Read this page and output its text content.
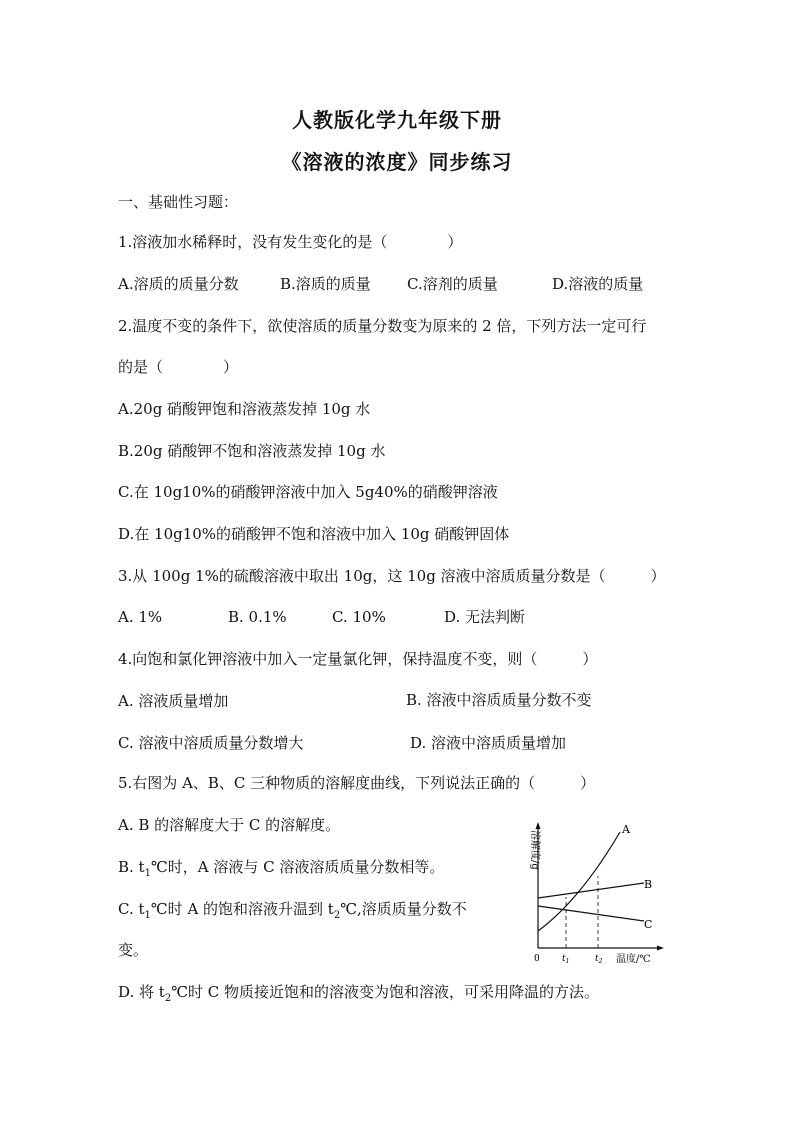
人教版化学九年级下册
《溶液的浓度》同步练习
一、基础性习题：
1.溶液加水稀释时，没有发生变化的是（　　　　）
A.溶质的质量分数	B.溶质的质量 C.溶剂的质量	D.溶液的质量
2.温度不变的条件下，欲使溶质的质量分数变为原来的 2 倍，下列方法一定可行
的是（　　　　）
A.20g 硝酸钾饱和溶液蒸发掉 10g 水
B.20g 硝酸钾不饱和溶液蒸发掉 10g 水
C.在 10g10%的硝酸钾溶液中加入 5g40%的硝酸钾溶液
D.在 10g10%的硝酸钾不饱和溶液中加入 10g 硝酸钾固体
3.从 100g 1%的硫酸溶液中取出 10g，这 10g 溶液中溶质质量分数是（　　　）
A. 1%	B. 0.1%	C. 10%	D. 无法判断
4.向饱和氯化钾溶液中加入一定量氯化钾，保持温度不变，则（　　　）
A. 溶液质量增加	B. 溶液中溶质质量分数不变
C. 溶液中溶质质量分数增大	D. 溶液中溶质质量增加
5.右图为 A、B、C 三种物质的溶解度曲线，下列说法正确的（　　　）
A. B 的溶解度大于 C 的溶解度。
B. $t_1℃$时，A 溶液与 C 溶液溶质质量分数相等。
C. $t_1℃$时 A 的饱和溶液升温到 $t_2℃$,溶质质量分数不
变。
D. 将 $t_2℃$时 C 物质接近饱和的溶液变为饱和溶液，可采用降温的方法。
溶解度/g
0 $t_1$	$t_2$ 温度/℃
A
B
C
